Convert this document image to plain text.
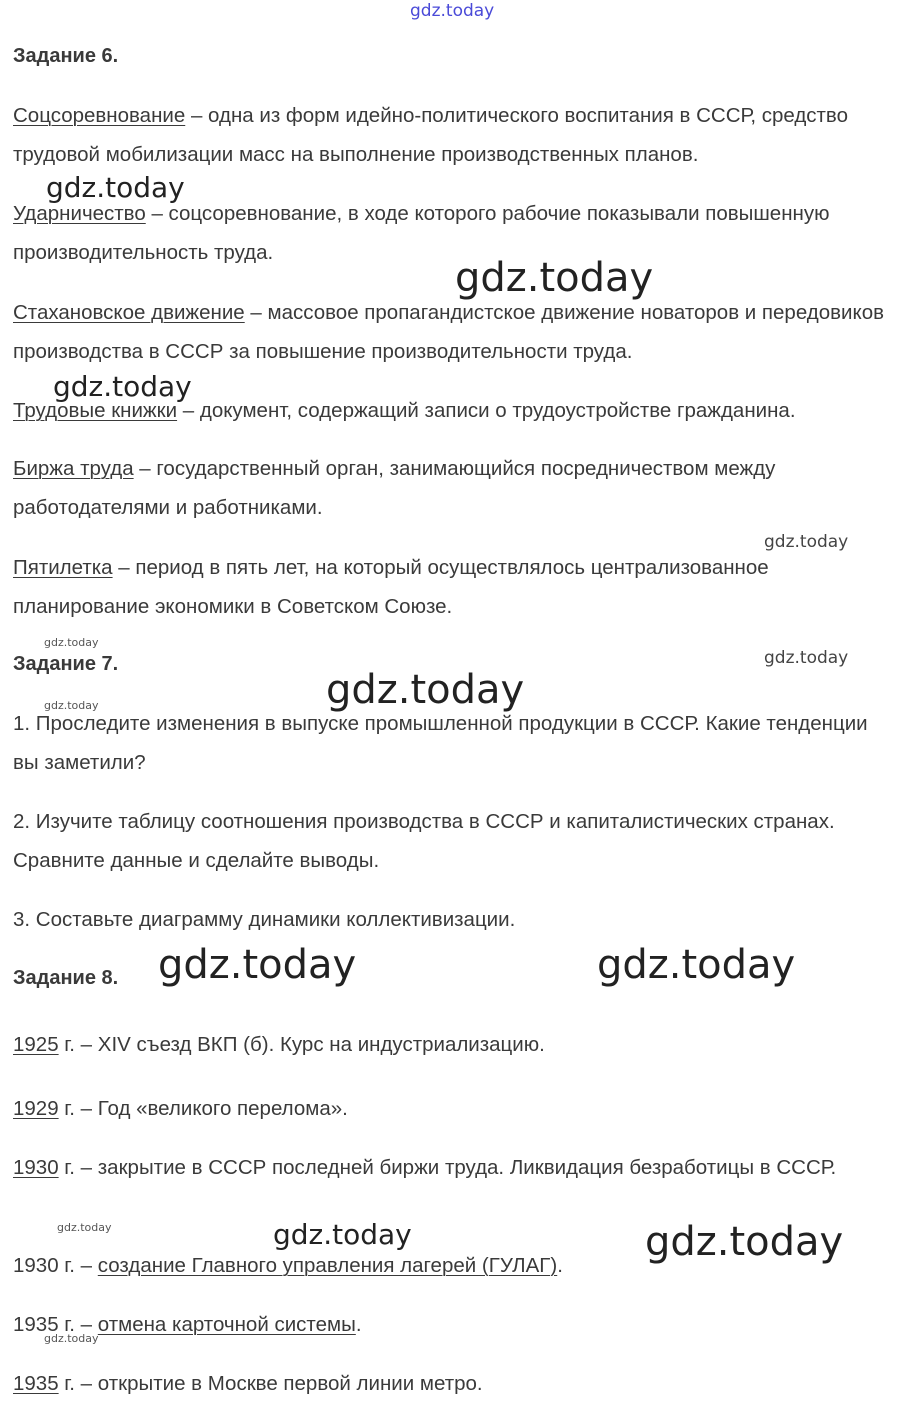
Задание 6.

Соцсоревнование – одна из форм идейно-политического воспитания в СССР, средство трудовой мобилизации масс на выполнение производственных планов.

Ударничество – соцсоревнование, в ходе которого рабочие показывали повышенную производительность труда.

Стахановское движение – массовое пропагандистское движение новаторов и передовиков производства в СССР за повышение производительности труда.

Трудовые книжки – документ, содержащий записи о трудоустройстве гражданина.

Биржа труда – государственный орган, занимающийся посредничеством между работодателями и работниками.

Пятилетка – период в пять лет, на который осуществлялось централизованное планирование экономики в Советском Союзе.

Задание 7.

1. Проследите изменения в выпуске промышленной продукции в СССР. Какие тенденции вы заметили?

2. Изучите таблицу соотношения производства в СССР и капиталистических странах. Сравните данные и сделайте выводы.

3. Составьте диаграмму динамики коллективизации.

Задание 8.

1925 г. – XIV съезд ВКП (б). Курс на индустриализацию.

1929 г. – Год «великого перелома».

1930 г. – закрытие в СССР последней биржи труда. Ликвидация безработицы в СССР.

1930 г. – создание Главного управления лагерей (ГУЛАГ).

1935 г. – отмена карточной системы.

1935 г. – открытие в Москве первой линии метро.

gdz.today
gdz.today
gdz.today
gdz.today
gdz.today
gdz.today
gdz.today
gdz.today
gdz.today
gdz.today	gdz.today
gdz.today	gdz.today	gdz.today
gdz.today
